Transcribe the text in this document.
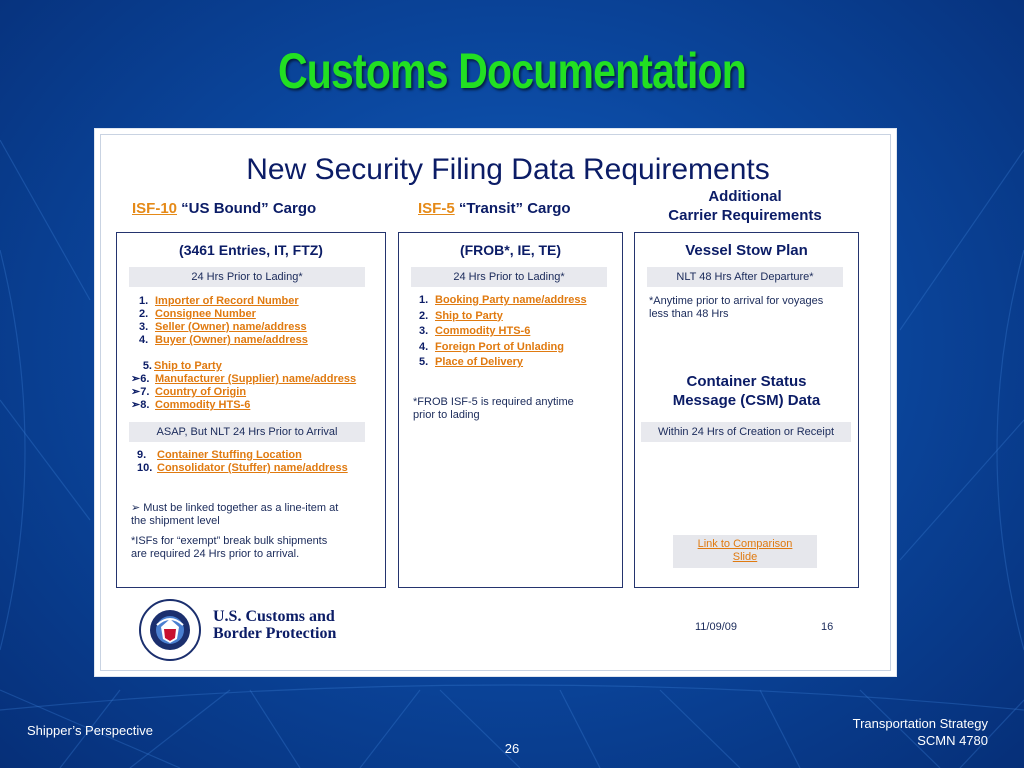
Customs Documentation
New Security Filing Data Requirements
ISF-10 “US Bound” Cargo	ISF-5 “Transit” Cargo
Additional
Carrier Requirements
(3461 Entries, IT, FTZ)
24 Hrs Prior to Lading*
1. Importer of Record Number
2. Consignee Number
3. Seller (Owner) name/address
4. Buyer (Owner) name/address
5. Ship to Party
➢6. Manufacturer (Supplier) name/address
➢7. Country of Origin
➢8. Commodity HTS-6
ASAP, But NLT 24 Hrs Prior to Arrival
9. Container Stuffing Location
10. Consolidator (Stuffer) name/address
➢ Must be linked together as a line-item at
the shipment level
*ISFs for “exempt” break bulk shipments
are required 24 Hrs prior to arrival.
(FROB*, IE, TE)
24 Hrs Prior to Lading*
1. Booking Party name/address
2. Ship to Party
3. Commodity HTS-6
4. Foreign Port of Unlading
5. Place of Delivery
*FROB ISF-5 is required anytime
prior to lading
Vessel Stow Plan
NLT 48 Hrs After Departure*
*Anytime prior to arrival for voyages
less than 48 Hrs
Container Status
Message (CSM) Data
Within 24 Hrs of Creation or Receipt
Link to Comparison
Slide
U.S. Customs and
Border Protection	11/09/09	16
Shipper’s Perspective
26
Transportation Strategy
SCMN 4780
